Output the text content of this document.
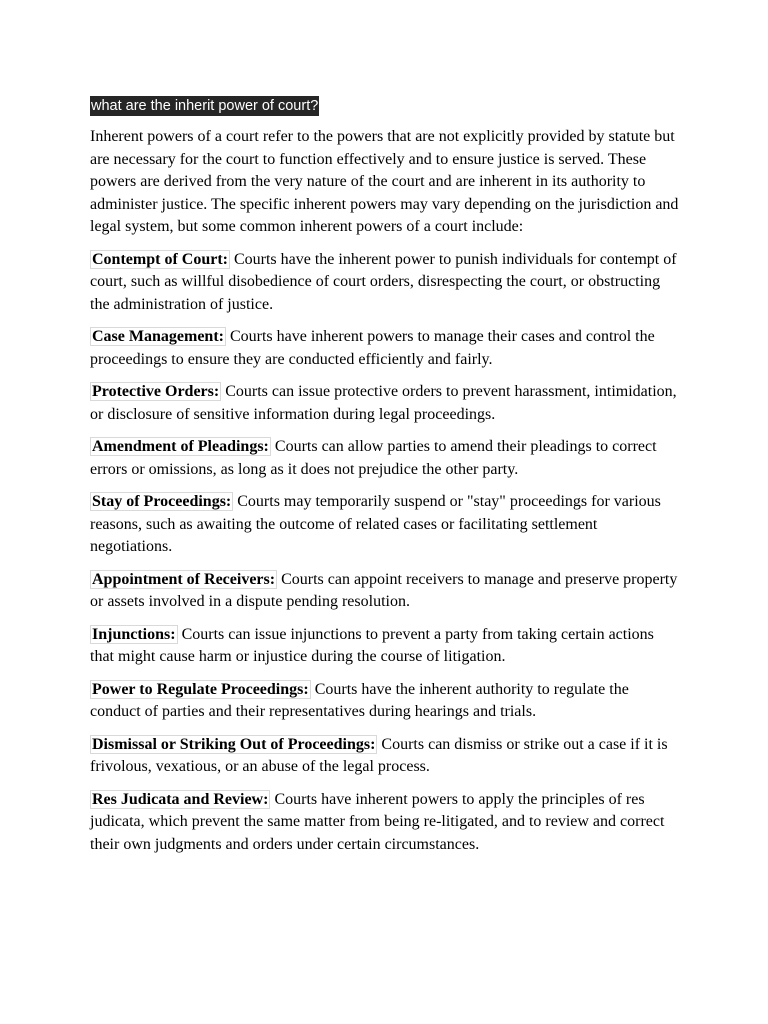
what are the inherit power of court?

Inherent powers of a court refer to the powers that are not explicitly provided by statute but are necessary for the court to function effectively and to ensure justice is served. These powers are derived from the very nature of the court and are inherent in its authority to administer justice. The specific inherent powers may vary depending on the jurisdiction and legal system, but some common inherent powers of a court include:

Contempt of Court: Courts have the inherent power to punish individuals for contempt of court, such as willful disobedience of court orders, disrespecting the court, or obstructing the administration of justice.

Case Management: Courts have inherent powers to manage their cases and control the proceedings to ensure they are conducted efficiently and fairly.

Protective Orders: Courts can issue protective orders to prevent harassment, intimidation, or disclosure of sensitive information during legal proceedings.

Amendment of Pleadings: Courts can allow parties to amend their pleadings to correct errors or omissions, as long as it does not prejudice the other party.

Stay of Proceedings: Courts may temporarily suspend or "stay" proceedings for various reasons, such as awaiting the outcome of related cases or facilitating settlement negotiations.

Appointment of Receivers: Courts can appoint receivers to manage and preserve property or assets involved in a dispute pending resolution.

Injunctions: Courts can issue injunctions to prevent a party from taking certain actions that might cause harm or injustice during the course of litigation.

Power to Regulate Proceedings: Courts have the inherent authority to regulate the conduct of parties and their representatives during hearings and trials.

Dismissal or Striking Out of Proceedings: Courts can dismiss or strike out a case if it is frivolous, vexatious, or an abuse of the legal process.

Res Judicata and Review: Courts have inherent powers to apply the principles of res judicata, which prevent the same matter from being re-litigated, and to review and correct their own judgments and orders under certain circumstances.
